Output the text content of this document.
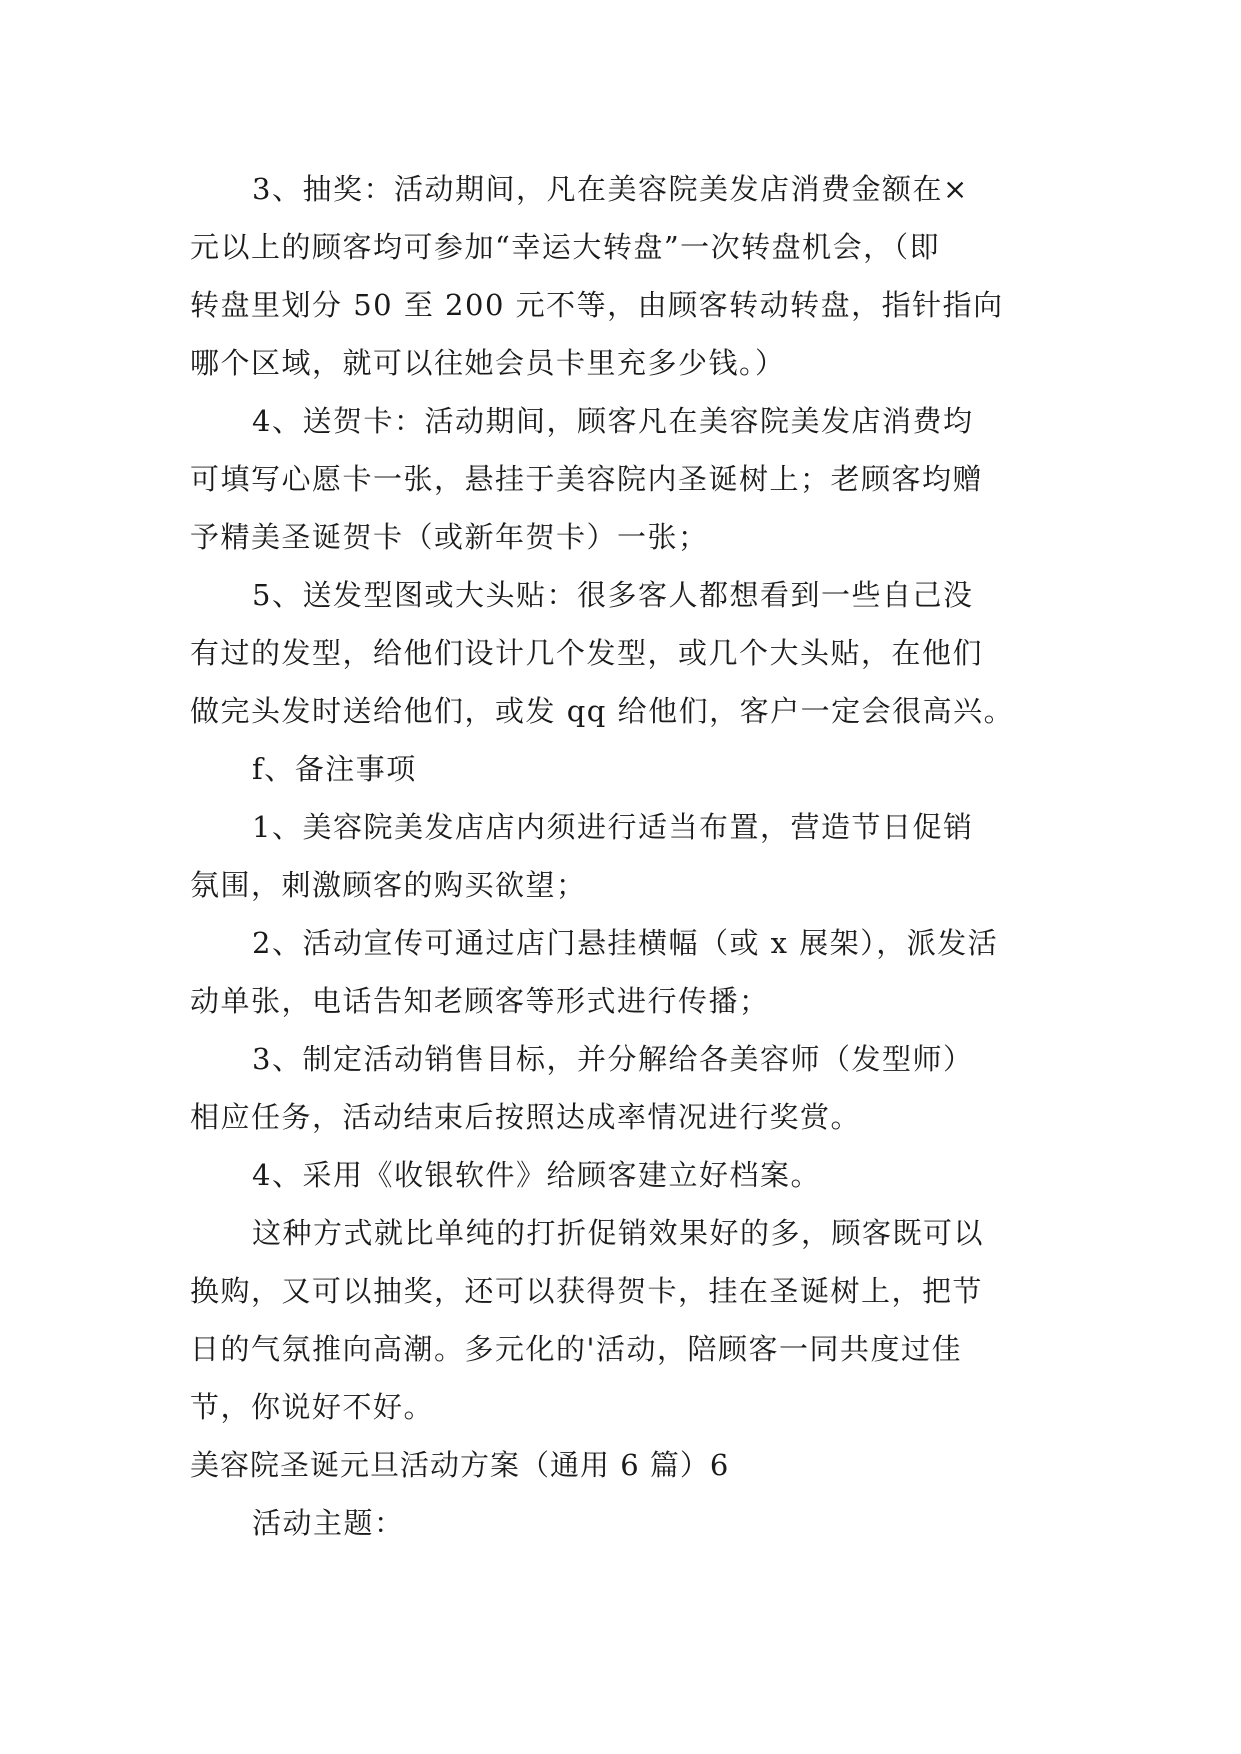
3、抽奖：活动期间，凡在美容院美发店消费金额在×
元以上的顾客均可参加“幸运大转盘”一次转盘机会，（即
转盘里划分 50 至 200 元不等，由顾客转动转盘，指针指向
哪个区域，就可以往她会员卡里充多少钱。）
4、送贺卡：活动期间，顾客凡在美容院美发店消费均
可填写心愿卡一张，悬挂于美容院内圣诞树上；老顾客均赠
予精美圣诞贺卡（或新年贺卡）一张；
5、送发型图或大头贴：很多客人都想看到一些自己没
有过的发型，给他们设计几个发型，或几个大头贴，在他们
做完头发时送给他们，或发 qq 给他们，客户一定会很高兴。
f、备注事项
1、美容院美发店店内须进行适当布置，营造节日促销
氛围，刺激顾客的购买欲望；
2、活动宣传可通过店门悬挂横幅（或 x 展架），派发活
动单张，电话告知老顾客等形式进行传播；
3、制定活动销售目标，并分解给各美容师（发型师）
相应任务，活动结束后按照达成率情况进行奖赏。
4、采用《收银软件》给顾客建立好档案。
这种方式就比单纯的打折促销效果好的多，顾客既可以
换购，又可以抽奖，还可以获得贺卡，挂在圣诞树上，把节
日的气氛推向高潮。多元化的'活动，陪顾客一同共度过佳
节，你说好不好。
美容院圣诞元旦活动方案（通用 6 篇）6
活动主题：
